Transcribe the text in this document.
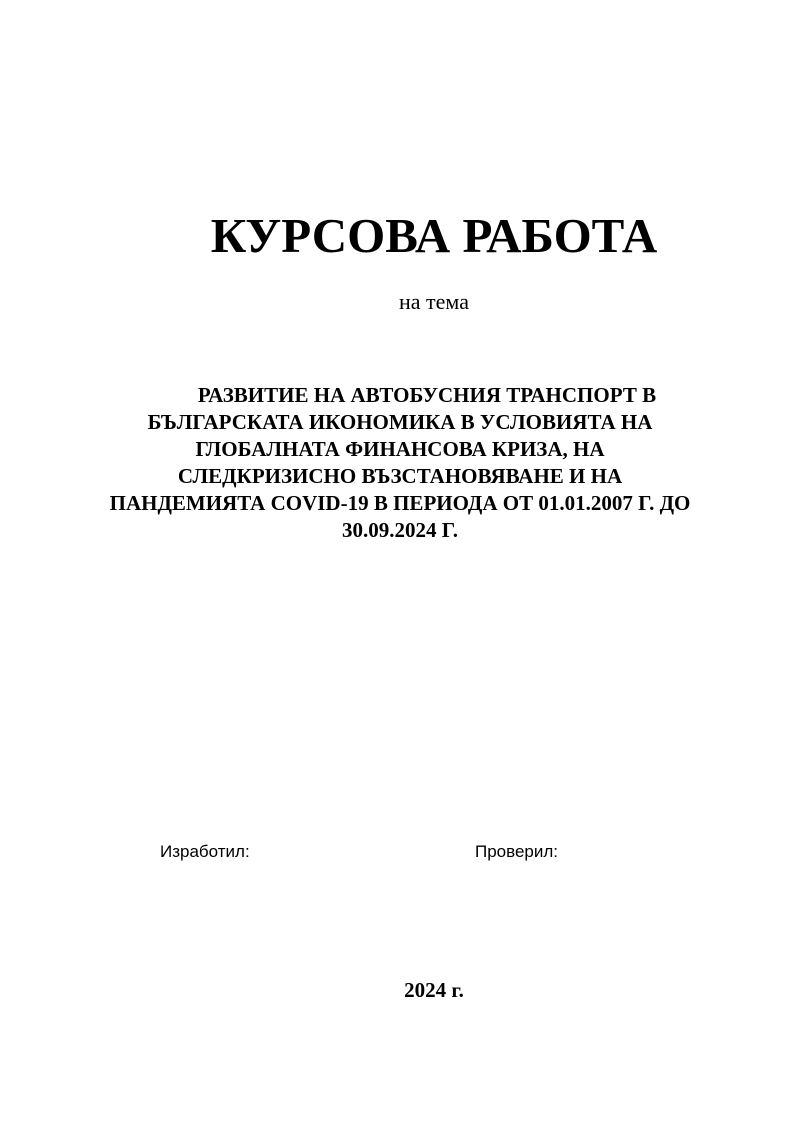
КУРСОВА РАБОТА
на тема
РАЗВИТИЕ НА АВТОБУСНИЯ ТРАНСПОРТ В
БЪЛГАРСКАТА ИКОНОМИКА В УСЛОВИЯТА НА
ГЛОБАЛНАТА ФИНАНСОВА КРИЗА, НА
СЛЕДКРИЗИСНО ВЪЗСТАНОВЯВАНЕ И НА
ПАНДЕМИЯТА COVID-19 В ПЕРИОДА ОТ 01.01.2007 Г. ДО
30.09.2024 Г.
Изработил:	Проверил:
2024 г.
